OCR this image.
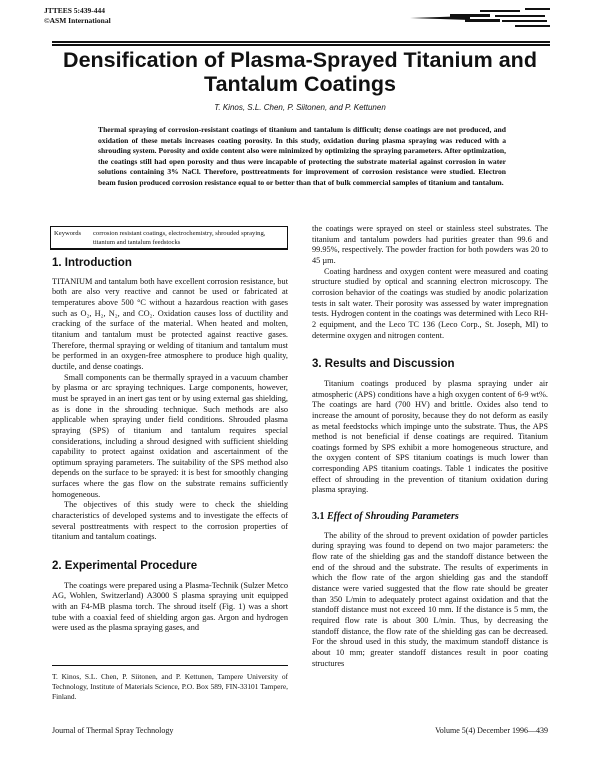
JTTEES 5:439-444
©ASM International
Densification of Plasma-Sprayed Titanium and Tantalum Coatings
T. Kinos, S.L. Chen, P. Siitonen, and P. Kettunen
Thermal spraying of corrosion-resistant coatings of titanium and tantalum is difficult; dense coatings are not produced, and oxidation of these metals increases coating porosity. In this study, oxidation during plasma spraying was reduced with a shrouding system. Porosity and oxide content also were minimized by optimizing the spraying parameters. After optimization, the coatings still had open porosity and thus were incapable of protecting the substrate material against corrosion in water solutions containing 3% NaCl. Therefore, posttreatments for improvement of corrosion resistance were studied. Electron beam fusion produced corrosion resistance equal to or better than that of bulk commercial samples of titanium and tantalum.
Keywords corrosion resistant coatings, electrochemistry, shrouded spraying, titanium and tantalum feedstocks
1. Introduction

TITANIUM and tantalum both have excellent corrosion resistance, but both are also very reactive and cannot be used or fabricated at temperatures above 500 °C without a hazardous reaction with gases such as O₂, H₂, N₂, and CO₂. Oxidation causes loss of ductility and cracking of the surface of the material. When heated and molten, titanium and tantalum must be protected against reactive gases. Therefore, thermal spraying or welding of titanium and tantalum must be performed in an oxygen-free atmosphere to produce high quality, ductile, and dense coatings.

Small components can be thermally sprayed in a vacuum chamber by plasma or arc spraying techniques. Large components, however, must be sprayed in an inert gas tent or by using external gas shielding, as is done in the shrouding technique. Such methods are also applicable when spraying under field conditions. Shrouded plasma spraying (SPS) of titanium and tantalum requires special considerations, including a shroud designed with sufficient shielding capability to protect against oxidation and ascertainment of the optimum spraying parameters. The suitability of the SPS method also depends on the surface to be sprayed: it is best for smoothly changing surfaces where the gas flow on the substrate remains sufficiently homogeneous.

The objectives of this study were to check the shielding characteristics of developed systems and to investigate the effects of several posttreatments with respect to the corrosion properties of titanium and tantalum coatings.

2. Experimental Procedure

The coatings were prepared using a Plasma-Technik (Sulzer Metco AG, Wohlen, Switzerland) A3000 S plasma spraying unit equipped with an F4-MB plasma torch. The shroud itself (Fig. 1) was a short tube with a coaxial feed of shielding argon gas. Argon and hydrogen were used as the plasma spraying gases, and

T. Kinos, S.L. Chen, P. Siitonen, and P. Kettunen, Tampere University of Technology, Institute of Materials Science, P.O. Box 589, FIN-33101 Tampere, Finland.

the coatings were sprayed on steel or stainless steel substrates. The titanium and tantalum powders had purities greater than 99.6 and 99.95%, respectively. The powder fraction for both powders was 20 to 45 µm.

Coating hardness and oxygen content were measured and coating structure studied by optical and scanning electron microscopy. The corrosion behavior of the coatings was studied by anodic polarization tests in salt water. Their porosity was assessed by water impregnation tests. Hydrogen content in the coatings was determined with Leco RH-2 equipment, and the Leco TC 136 (Leco Corp., St. Joseph, MI) to determine oxygen and nitrogen content.

3. Results and Discussion

Titanium coatings produced by plasma spraying under air atmospheric (APS) conditions have a high oxygen content of 6-9 wt%. The coatings are hard (700 HV) and brittle. Oxides also tend to increase the amount of porosity, because they do not deform as easily as metal feedstocks which impinge unto the substrate. Thus, the APS method is not beneficial if dense coatings are required. Titanium coatings formed by SPS exhibit a more homogeneous structure, and the oxygen content of SPS titanium coatings is much lower than corresponding APS titanium coatings. Table 1 indicates the positive effect of shrouding in the prevention of titanium oxidation during plasma spraying.

3.1 Effect of Shrouding Parameters

The ability of the shroud to prevent oxidation of powder particles during spraying was found to depend on two major parameters: the flow rate of the shielding gas and the standoff distance between the end of the shroud and the substrate. The results of experiments in which the flow rate of the argon shielding gas and the standoff distance were varied suggested that the flow rate should be greater than 350 L/min to adequately protect against oxidation and that the standoff distance must not exceed 10 mm. If the distance is 5 mm, the required flow rate is about 300 L/min. Thus, by decreasing the standoff distance, the flow rate of the shielding gas can be decreased. For the shroud used in this study, the maximum standoff distance is about 10 mm; greater standoff distances result in poor coating structures

Journal of Thermal Spray Technology	Volume 5(4) December 1996—439
